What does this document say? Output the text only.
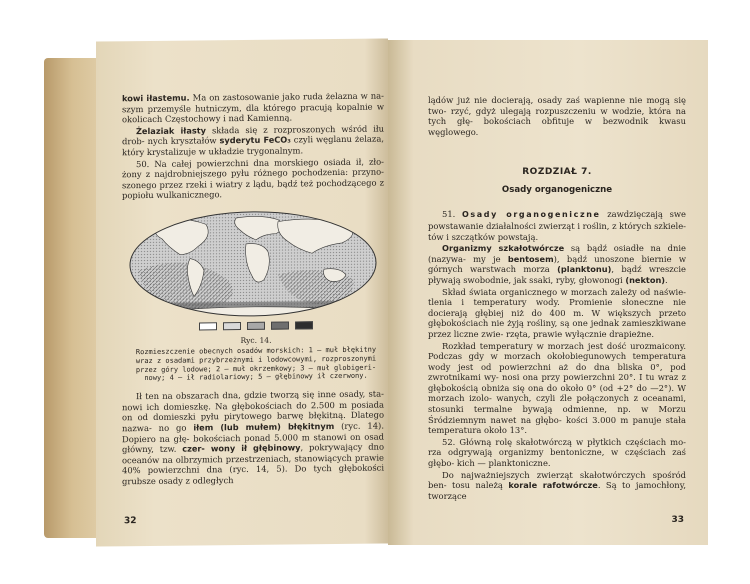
kowi iłastemu. Ma on zastosowanie jako ruda żelazna w na- szym przemyśle hutniczym, dla którego pracują kopalnie w okolicach Częstochowy i nad Kamienną.

Żelaziak iłasty składa się z rozproszonych wśród iłu drob- nych kryształów syderytu FeCO₃ czyli węglanu żelaza, który krystalizuje w układzie trygonalnym.

50. Na całej powierzchni dna morskiego osiada ił, zło- żony z najdrobniejszego pyłu różnego pochodzenia: przyno- szonego przez rzeki i wiatry z lądu, bądź też pochodzącego z popiołu wulkanicznego.

Ryc. 14.
Rozmieszczenie obecnych osadów morskich: 1 — muł błękitny wraz z osadami przybrzeżnymi i lodowcowymi, rozproszonymi przez góry lodowe; 2 — muł okrzemkowy; 3 — muł globigeri- nowy; 4 — ił radiolariowy; 5 — głębinowy ił czerwony.

Ił ten na obszarach dna, gdzie tworzą się inne osady, sta- nowi ich domieszkę. Na głębokościach do 2.500 m posiada on od domieszki pyłu pirytowego barwę błękitną. Dlatego nazwa- no go iłem (lub mułem) błękitnym (ryc. 14). Dopiero na głę- bokościach ponad 5.000 m stanowi on osad główny, tzw. czer- wony ił głębinowy, pokrywający dno oceanów na olbrzymich przestrzeniach, stanowiących prawie 40% powierzchni dna (ryc. 14, 5). Do tych głębokości grubsze osady z odległych

32

lądów już nie docierają, osady zaś wapienne nie mogą się two- rzyć, gdyż ulegają rozpuszczeniu w wodzie, która na tych głę- bokościach obfituje w bezwodnik kwasu węglowego.

ROZDZIAŁ 7.
Osady organogeniczne

51. Osady organogeniczne zawdzięczają swe powstawanie działalności zwierząt i roślin, z których szkiele- tów i szczątków powstają.

Organizmy szkałotwórcze są bądź osiadłe na dnie (nazywa- my je bentosem), bądź unoszone biernie w górnych warstwach morza (planktonu), bądź wreszcie pływają swobodnie, jak ssaki, ryby, głowonogi (nekton).

Skład świata organicznego w morzach zależy od naświe- tlenia i temperatury wody. Promienie słoneczne nie docierają głębiej niż do 400 m. W większych przeto głębokościach nie żyją rośliny, są one jednak zamieszkiwane przez liczne zwie- rzęta, prawie wyłącznie drapieżne.

Rozkład temperatury w morzach jest dość urozmaicony. Podczas gdy w morzach okołobiegunowych temperatura wody jest od powierzchni aż do dna bliska 0°, pod zwrotnikami wy- nosi ona przy powierzchni 20°. I tu wraz z głębokością obniża się ona do około 0° (od +2° do —2°). W morzach izolo- wanych, czyli źle połączonych z oceanami, stosunki termalne bywają odmienne, np. w Morzu Śródziemnym nawet na głębo- kości 3.000 m panuje stała temperatura około 13°.

52. Główną rolę skałotwórczą w płytkich częściach mo- rza odgrywają organizmy bentoniczne, w częściach zaś głębo- kich — planktoniczne.

Do najważniejszych zwierząt skałotwórczych spośród ben- tosu należą korale rafotwórcze. Są to jamochłony, tworzące

33
